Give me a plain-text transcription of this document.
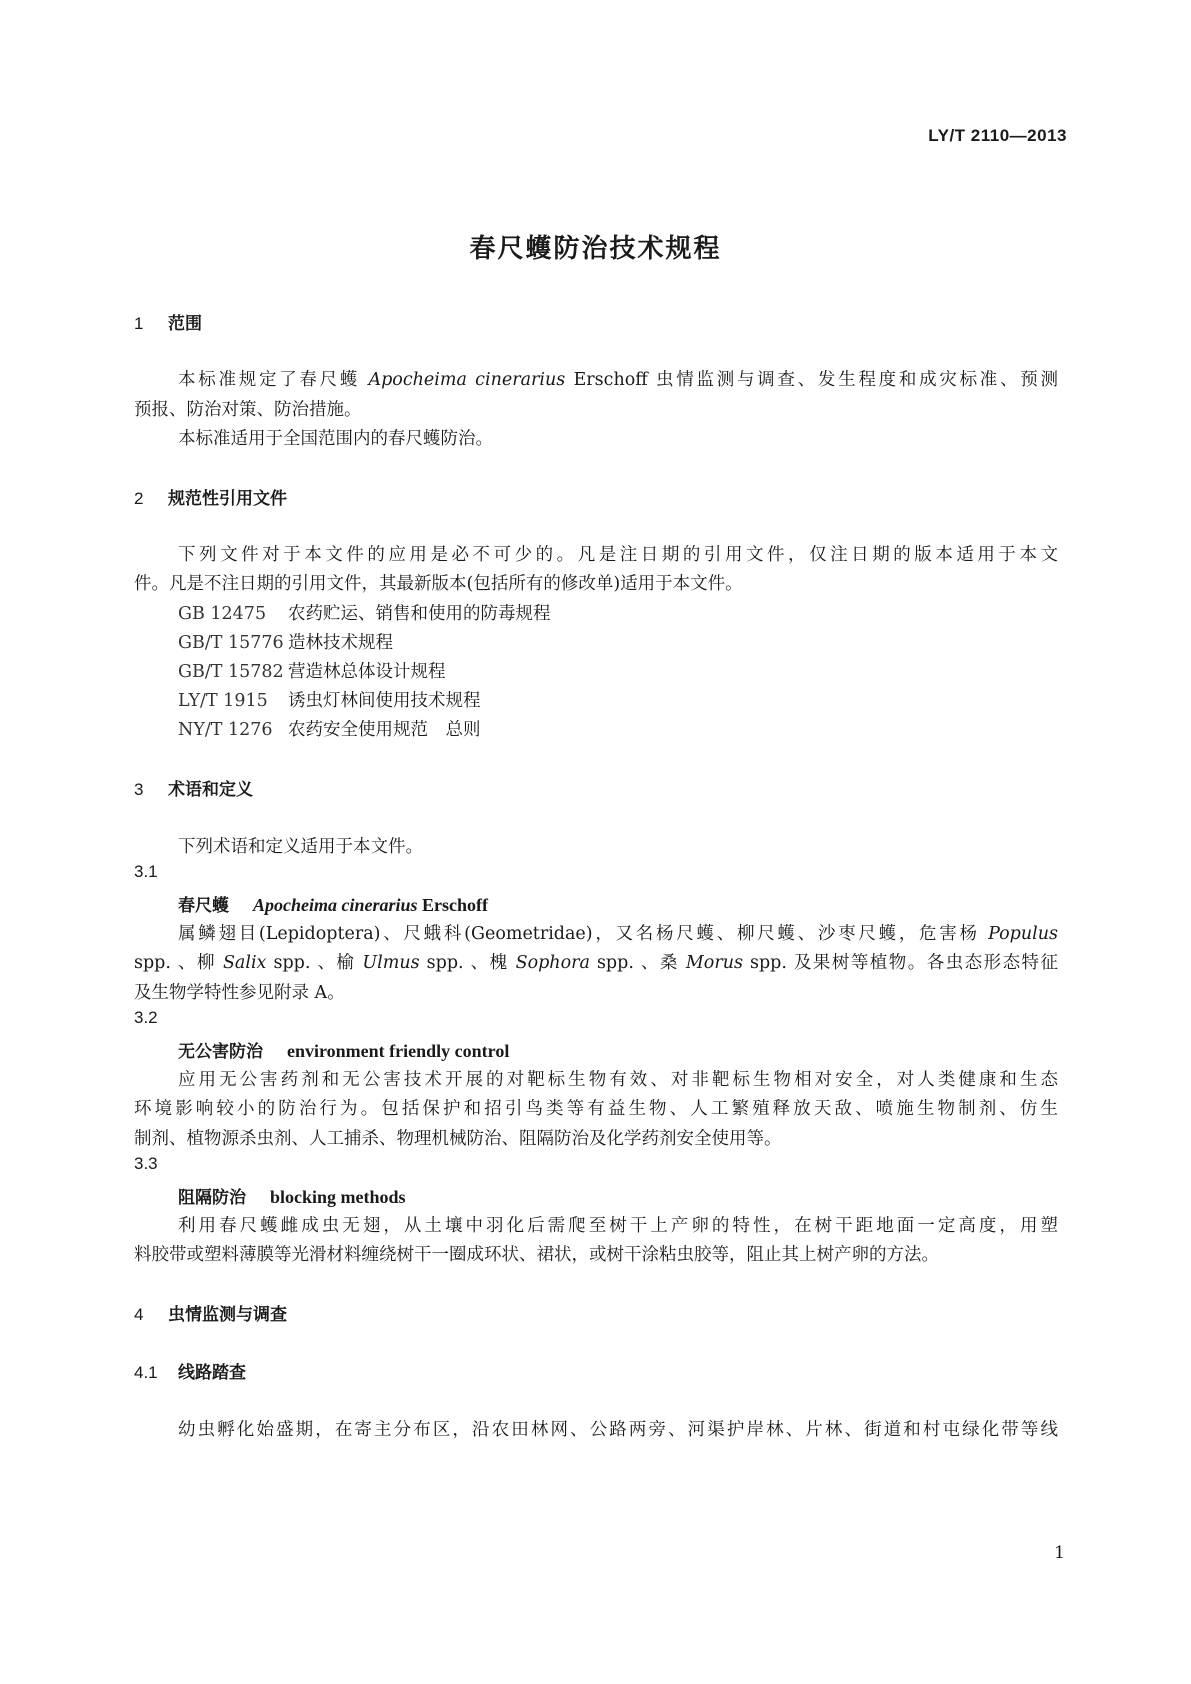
LY/T 2110—2013
春尺蠖防治技术规程
1 范围
本标准规定了春尺蠖 Apocheima cinerarius Erschoff 虫情监测与调查、发生程度和成灾标准、预测
预报、防治对策、防治措施。
本标准适用于全国范围内的春尺蠖防治。
2 规范性引用文件
下列文件对于本文件的应用是必不可少的。凡是注日期的引用文件，仅注日期的版本适用于本文
件。凡是不注日期的引用文件，其最新版本(包括所有的修改单)适用于本文件。
GB 12475 农药贮运、销售和使用的防毒规程
GB/T 15776 造林技术规程
GB/T 15782 营造林总体设计规程
LY/T 1915 诱虫灯林间使用技术规程
NY/T 1276 农药安全使用规范　总则
3 术语和定义
下列术语和定义适用于本文件。
3.1
春尺蠖 Apocheima cinerarius Erschoff
属鳞翅目(Lepidoptera)、尺蛾科(Geometridae)，又名杨尺蠖、柳尺蠖、沙枣尺蠖，危害杨 Populus
spp. 、柳 Salix spp. 、榆 Ulmus spp. 、槐 Sophora spp. 、桑 Morus spp. 及果树等植物。各虫态形态特征
及生物学特性参见附录 A。
3.2
无公害防治 environment friendly control
应用无公害药剂和无公害技术开展的对靶标生物有效、对非靶标生物相对安全，对人类健康和生态
环境影响较小的防治行为。包括保护和招引鸟类等有益生物、人工繁殖释放天敌、喷施生物制剂、仿生
制剂、植物源杀虫剂、人工捕杀、物理机械防治、阻隔防治及化学药剂安全使用等。
3.3
阻隔防治 blocking methods
利用春尺蠖雌成虫无翅，从土壤中羽化后需爬至树干上产卵的特性，在树干距地面一定高度，用塑
料胶带或塑料薄膜等光滑材料缠绕树干一圈成环状、裙状，或树干涂粘虫胶等，阻止其上树产卵的方法。
4 虫情监测与调查
4.1 线路踏查
幼虫孵化始盛期，在寄主分布区，沿农田林网、公路两旁、河渠护岸林、片林、街道和村屯绿化带等线
1
